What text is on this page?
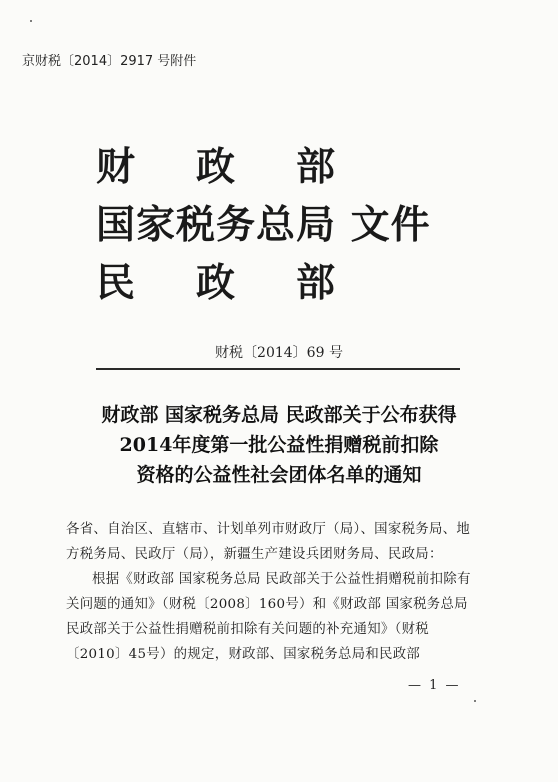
京财税〔2014〕2917 号附件
财 政 部
国家税务总局 文件
民 政 部
财税〔2014〕69 号
财政部 国家税务总局 民政部关于公布获得
2014年度第一批公益性捐赠税前扣除
资格的公益性社会团体名单的通知

各省、自治区、直辖市、计划单列市财政厅（局）、国家税务局、地方税务局、民政厅（局），新疆生产建设兵团财务局、民政局：

根据《财政部 国家税务总局 民政部关于公益性捐赠税前扣除有关问题的通知》（财税〔2008〕160号）和《财政部 国家税务总局 民政部关于公益性捐赠税前扣除有关问题的补充通知》（财税〔2010〕45号）的规定，财政部、国家税务总局和民政部

— 1 —
